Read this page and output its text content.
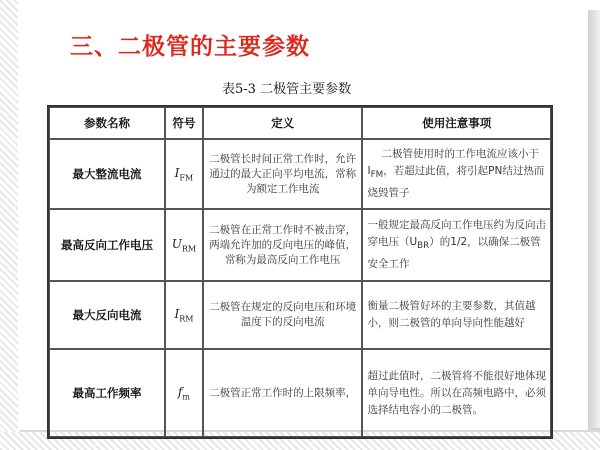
三、二极管的主要参数
表5-3 二极管主要参数
参数名称	符号	定义	使用注意事项
最大整流电流	$I_{FM}$	二极管长时间正常工作时，允许通过的最大正向平均电流，常称为额定工作电流	二极管使用时的工作电流应该小于$I_{FM}$，若超过此值，将引起PN结过热而烧毁管子
最高反向工作电压	$U_{RM}$	二极管在正常工作时不被击穿，两端允许加的反向电压的峰值，常称为最高反向工作电压	一般规定最高反向工作电压约为反向击穿电压$(U_{BR})$的1/2，以确保二极管安全工作
最大反向电流	$I_{RM}$	二极管在规定的反向电压和环境温度下的反向电流	衡量二极管好坏的主要参数，其值越小，则二极管的单向导向性能越好
最高工作频率	$f_m$	二极管正常工作时的上限频率，	超过此值时，二极管将不能很好地体现单向导电性。所以在高频电路中，必须选择结电容小的二极管。
